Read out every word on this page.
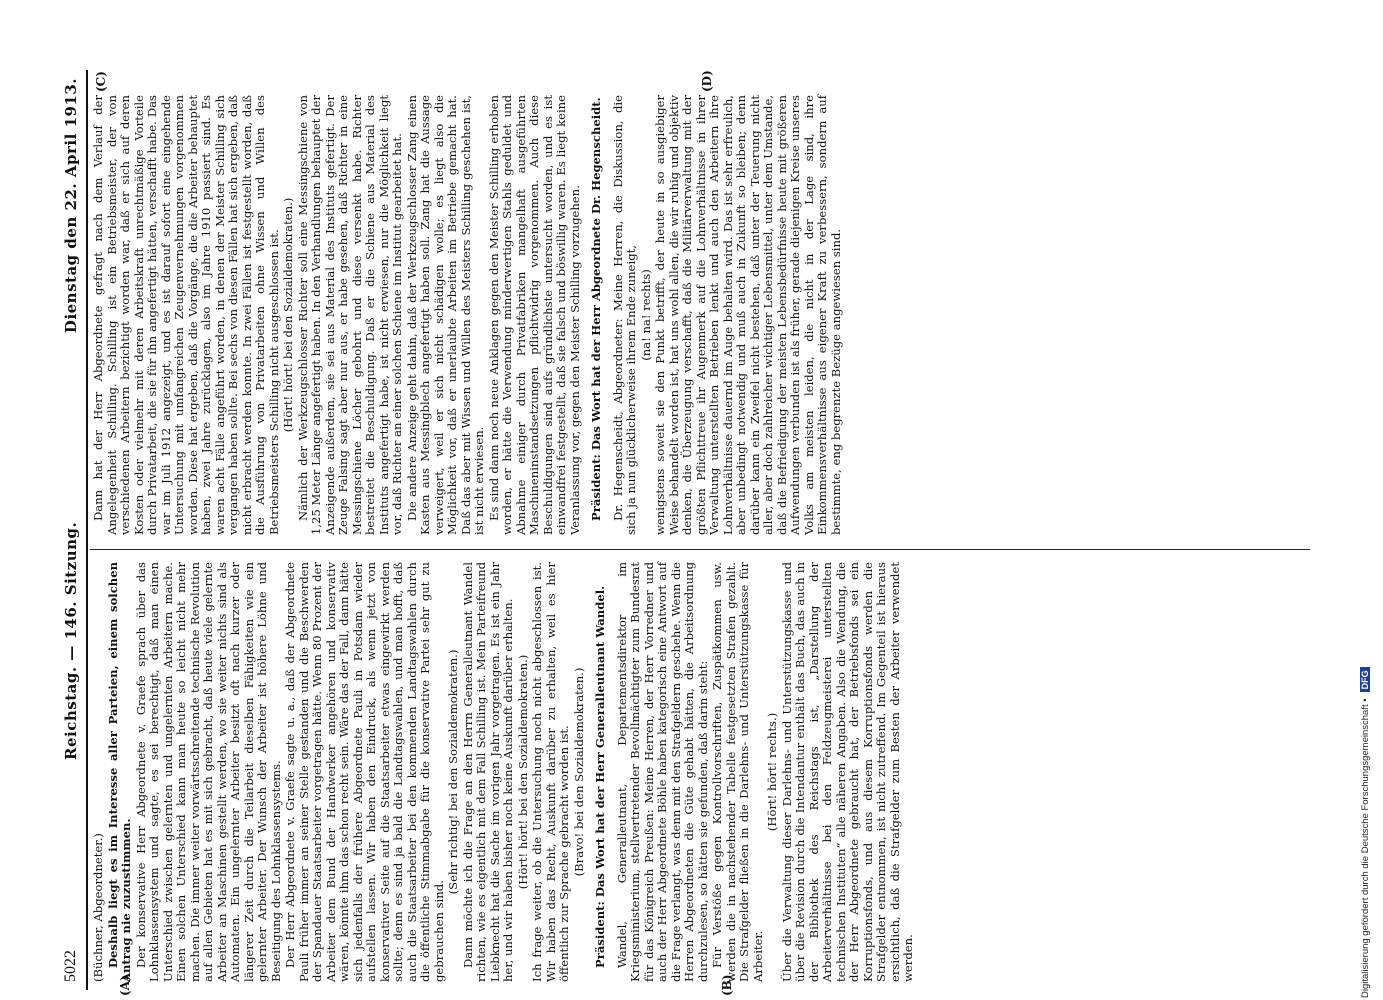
5022
Reichstag. — 146. Sitzung.
Dienstag den 22. April 1913.
(A)	(B)
(C)	(D)

(Büchner, Abgeordneter.) Deshalb liegt es im Interesse aller Parteien, einem solchen Antrag nie zuzustimmen. Der konservative Herr Abgeordnete v. Graefe sprach über das Lohnklassensystem und sagte, es sei berechtigt, daß man einen Unterschied zwischen gelernten und ungelernten Arbeitern mache. Einen solchen Unterschied kann man heute so leicht nicht mehr machen. Die immer weiter vorwärtsschreitende technische Revolution auf allen Gebieten hat es mit sich gebracht, daß heute viele gelernte Arbeiter an Maschinen gestellt werden, wo sie weiter nichts sind als Automaten. Ein ungelernter Arbeiter besitzt oft nach kurzer oder längerer Zeit durch die Teilarbeit dieselben Fähigkeiten wie ein gelernter Arbeiter. Der Wunsch der Arbeiter ist höhere Löhne und Beseitigung des Lohnklassensystems. Der Herr Abgeordnete v. Graefe sagte u. a., daß der Abgeordnete Pauli früher immer an seiner Stelle gestanden und die Beschwerden der Spandauer Staatsarbeiter vorgetragen hätte. Wenn 80 Prozent der Arbeiter dem Bund der Handwerker angehören und konservativ wären, könnte ihm das schon recht sein. Wäre das der Fall, dann hätte sich jedenfalls der frühere Abgeordnete Pauli in Potsdam wieder aufstellen lassen. Wir haben den Eindruck, als wenn jetzt von konservativer Seite auf die Staatsarbeiter etwas eingewirkt werden sollte; denn es sind ja bald die Landtagswahlen, und man hofft, daß auch die Staatsarbeiter bei den kommenden Landtagswahlen durch die öffentliche Stimmabgabe für die konservative Partei sehr gut zu gebrauchen sind.

(Sehr richtig! bei den Sozialdemokraten.) Dann möchte ich die Frage an den Herrn Generalleutnant Wandel richten, wie es eigentlich mit dem Fall Schilling ist. Mein Parteifreund Liebknecht hat die Sache im vorigen Jahr vorgetragen. Es ist ein Jahr her, und wir haben bisher noch keine Auskunft darüber erhalten. (Hört! hört! bei den Sozialdemokraten.) Ich frage weiter, ob die Untersuchung noch nicht abgeschlossen ist. Wir haben das Recht, Auskunft darüber zu erhalten, weil es hier öffentlich zur Sprache gebracht worden ist. (Bravo! bei den Sozialdemokraten.) Präsident: Das Wort hat der Herr Generalleutnant Wandel. Wandel, Generalleutnant, Departementsdirektor im Kriegsministerium, stellvertretender Bevollmächtigter zum Bundesrat für das Königreich Preußen: Meine Herren, der Herr Vorredner und auch der Herr Abgeordnete Böhle haben kategorisch eine Antwort auf die Frage verlangt, was denn mit den Strafgeldern geschehe. Wenn die Herren Abgeordneten die Güte gehabt hätten, die Arbeitsordnung durchzulesen, so hätten sie gefunden, daß darin steht: Für Verstöße gegen Kontrollvorschriften, Zuspätkommen usw. werden die in nachstehender Tabelle festgesetzten Strafen gezahlt. Die Strafgelder fließen in die Darlehns- und Unterstützungskasse für Arbeiter.

(Hört! hört! rechts.) Über die Verwaltung dieser Darlehns- und Unterstützungskasse und über die Revision durch die Intendantur enthält das Buch, das auch in der Bibliothek des Reichstags ist, „Darstellung der Arbeiterverhältnisse bei den Feldzeugmeisterei unterstellten technischen Instituten“ alle näheren Angaben. Also die Wendung, die der Herr Abgeordnete gebraucht hat, der Betriebsfonds sei ein Korruptionsfonds, und aus diesem Korruptionsfonds werden die Strafgelder entnommen, ist nicht zutreffend. Im Gegenteil ist hieraus ersichtlich, daß die Strafgelder zum Besten der Arbeiter verwendet werden.

Dann hat der Herr Abgeordnete gefragt nach dem Verlauf der Angelegenheit Schilling. Schilling ist ein Betriebsmeister, der von verschiedenen Arbeitern bezichtigt worden war, daß er sich auf deren Kosten oder vielmehr mit deren Arbeitskraft unrechtmäßige Vorteile durch Privatarbeit, die sie für ihn angefertigt hätten, verschafft habe. Das war im Juli 1912 angezeigt, und es ist darauf sofort eine eingehende Untersuchung mit umfangreichen Zeugenvernehmungen vorgenommen worden. Diese hat ergeben, daß die Vorgänge, die die Arbeiter behauptet haben, zwei Jahre zurücklagen, also im Jahre 1910 passiert sind. Es waren acht Fälle angeführt worden, in denen der Meister Schilling sich vergangen haben sollte. Bei sechs von diesen Fällen hat sich ergeben, daß nicht erbracht werden konnte. In zwei Fällen ist festgestellt worden, daß die Ausführung von Privatarbeiten ohne Wissen und Willen des Betriebsmeisters Schilling nicht ausgeschlossen ist. (Hört! hört! bei den Sozialdemokraten.) Nämlich der Werkzeugschlosser Richter soll eine Messingschiene von 1,25 Meter Länge angefertigt haben. In den Verhandlungen behauptet der Anzeigende außerdem, sie sei aus Material des Instituts gefertigt. Der Zeuge Falsing sagt aber nur aus, er habe gesehen, daß Richter in eine Messingschiene Löcher gebohrt und diese versenkt habe. Richter bestreitet die Beschuldigung. Daß er die Schiene aus Material des Instituts angefertigt habe, ist nicht erwiesen, nur die Möglichkeit liegt vor, daß Richter an einer solchen Schiene im Institut gearbeitet hat. Die andere Anzeige geht dahin, daß der Werkzeugschlosser Zang einen Kasten aus Messingblech angefertigt haben soll. Zang hat die Aussage verweigert, weil er sich nicht schädigen wolle; es liegt also die Möglichkeit vor, daß er unerlaubte Arbeiten im Betriebe gemacht hat. Daß das aber mit Wissen und Willen des Meisters Schilling geschehen ist, ist nicht erwiesen. Es sind dann noch neue Anklagen gegen den Meister Schilling erhoben worden, er hätte die Verwendung minderwertigen Stahls geduldet und Abnahme einiger durch Privatfabriken mangelhaft ausgeführten Maschineninstandsetzungen pflichtwidrig vorgenommen. Auch diese Beschuldigungen sind aufs gründlichste untersucht worden, und es ist einwandfrei festgestellt, daß sie falsch und böswillig waren. Es liegt keine Veranlassung vor, gegen den Meister Schilling vorzugehen. Präsident: Das Wort hat der Herr Abgeordnete Dr. Hegenscheidt. Dr. Hegenscheidt, Abgeordneter: Meine Herren, die Diskussion, die sich ja nun glücklicherweise ihrem Ende zuneigt, (na! na! rechts) wenigstens soweit sie den Punkt betrifft, der heute in so ausgiebiger Weise behandelt worden ist, hat uns wohl allen, die wir ruhig und objektiv denken, die Überzeugung verschafft, daß die Militärverwaltung mit der größten Pflichttreue ihr Augenmerk auf die Lohnverhältnisse in ihrer Verwaltung unterstellten Betrieben lenkt und auch den Arbeitern ihre Lohnverhältnisse dauernd im Auge behalten wird. Das ist sehr erfreulich, aber unbedingt notwendig und muß auch in Zukunft so bleiben; denn darüber kann ein Zweifel nicht bestehen, daß unter der Teuerung nicht aller, aber doch zahlreicher wichtiger Lebensmittel, unter dem Umstande, daß die Befriedigung der meisten Lebensbedürfnisse heute mit größeren Aufwendungen verbunden ist als früher, gerade diejenigen Kreise unseres Volks am meisten leiden, die nicht in der Lage sind, ihre Einkommensverhältnisse aus eigener Kraft zu verbessern, sondern auf bestimmte, eng begrenzte Bezüge angewiesen sind.

Digitalisierung gefördert durch die Deutsche Forschungsgemeinschaft •DFG
